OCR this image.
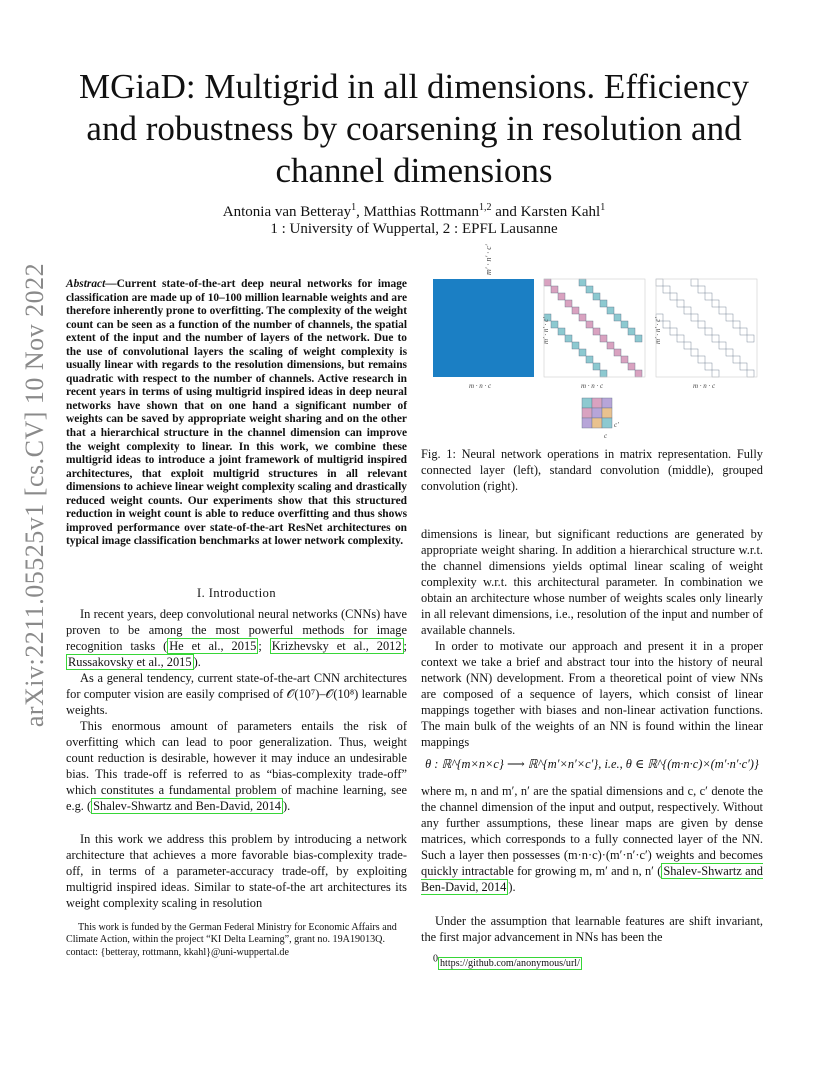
MGiaD: Multigrid in all dimensions. Efficiency and robustness by coarsening in resolution and channel dimensions
Antonia van Betteray$^1$, Matthias Rottmann$^{1,2}$ and Karsten Kahl$^1$
1 : University of Wuppertal, 2 : EPFL Lausanne
arXiv:2211.05525v1 [cs.CV] 10 Nov 2022	Abstract—Current state-of-the-art deep neural networks for image classification are made up of 10–100 million learnable weights and are therefore inherently prone to overfitting. The complexity of the weight count can be seen as a function of the number of channels, the spatial extent of the input and the number of layers of the network. Due to the use of convolutional layers the scaling of weight complexity is usually linear with regards to the resolution dimensions, but remains quadratic with respect to the number of channels. Active research in recent years in terms of using multigrid inspired ideas in deep neural networks have shown that on one hand a significant number of weights can be saved by appropriate weight sharing and on the other that a hierarchical structure in the channel dimension can improve the weight complexity to linear. In this work, we combine these multigrid ideas to introduce a joint framework of multigrid inspired architectures, that exploit multigrid structures in all relevant dimensions to achieve linear weight complexity scaling and drastically reduced weight counts. Our experiments show that this structured reduction in weight count is able to reduce overfitting and thus shows improved performance over state-of-the-art ResNet architectures on typical image classification benchmarks at lower network complexity.
I. Introduction

In recent years, deep convolutional neural networks (CNNs) have proven to be among the most powerful methods for image recognition tasks ( He et al., 2015 ; Krizhevsky et al., 2012 ; Russakovsky et al., 2015 ).

As a general tendency, current state-of-the-art CNN architectures for computer vision are easily comprised of 𝒪(10⁷)–𝒪(10⁸) learnable weights.

This enormous amount of parameters entails the risk of overfitting which can lead to poor generalization. Thus, weight count reduction is desirable, however it may induce an undesirable bias. This trade-off is referred to as “bias-complexity trade-off” which constitutes a fundamental problem of machine learning, see e.g. ( Shalev-Shwartz and Ben-David, 2014 ).

In this work we address this problem by introducing a network architecture that achieves a more favorable bias-complexity trade-off, in terms of a parameter-accuracy trade-off, by exploiting multigrid inspired ideas. Similar to state-of-the art architectures its weight complexity scaling in resolution

This work is funded by the German Federal Ministry for Economic Affairs and Climate Action, within the project “KI Delta Learning”, grant no. 19A19013Q.

contact: {betteray, rottmann, kkahl}@uni-wuppertal.de

m′ · n′ · c′
m′ · n′ · c′	m′ · n′ · c′
m · n · c	m · n · c	m · n · c
c′
c
Fig. 1: Neural network operations in matrix representation. Fully connected layer (left), standard convolution (middle), grouped convolution (right).

dimensions is linear, but significant reductions are generated by appropriate weight sharing. In addition a hierarchical structure w.r.t. the channel dimensions yields optimal linear scaling of weight complexity w.r.t. this architectural parameter. In combination we obtain an architecture whose number of weights scales only linearly in all relevant dimensions, i.e., resolution of the input and number of available channels.

In order to motivate our approach and present it in a proper context we take a brief and abstract tour into the history of neural network (NN) development. From a theoretical point of view NNs are composed of a sequence of layers, which consist of linear mappings together with biases and non-linear activation functions. The main bulk of the weights of an NN is found within the linear mappings

θ : ℝ^{m×n×c} ⟶ ℝ^{m′×n′×c′}, i.e., θ ∈ ℝ^{(m·n·c)×(m′·n′·c′)}

where m, n and m′, n′ are the spatial dimensions and c, c′ denote the the channel dimension of the input and output, respectively. Without any further assumptions, these linear maps are given by dense matrices, which corresponds to a fully connected layer of the NN. Such a layer then possesses (m·n·c)·(m′·n′·c′) weights and becomes quickly intractable for growing m, m′ and n, n′ ( Shalev-Shwartz and Ben-David, 2014 ).

Under the assumption that learnable features are shift invariant, the first major advancement in NNs has been the

$^0$ https://github.com/anonymous/url/
